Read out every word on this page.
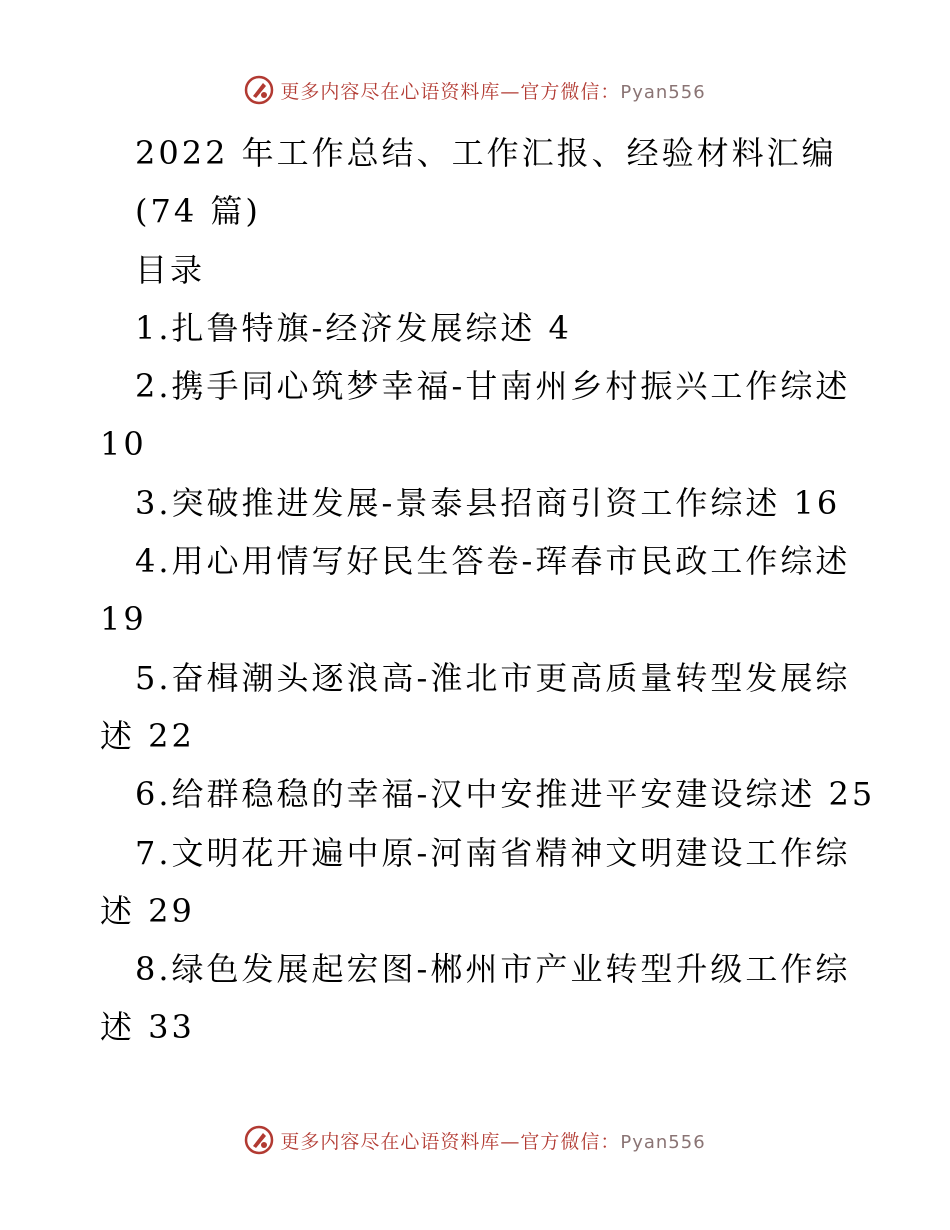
更多内容尽在心语资料库—官方微信：Pyan556
2022 年工作总结、工作汇报、经验材料汇编
(74 篇)
目录
1.扎鲁特旗-经济发展综述 4
2.携手同心筑梦幸福-甘南州乡村振兴工作综述
10
3.突破推进发展-景泰县招商引资工作综述 16
4.用心用情写好民生答卷-珲春市民政工作综述
19
5.奋楫潮头逐浪高-淮北市更高质量转型发展综
述 22
6.给群稳稳的幸福-汉中安推进平安建设综述 25
7.文明花开遍中原-河南省精神文明建设工作综
述 29
8.绿色发展起宏图-郴州市产业转型升级工作综
述 33
更多内容尽在心语资料库—官方微信：Pyan556
